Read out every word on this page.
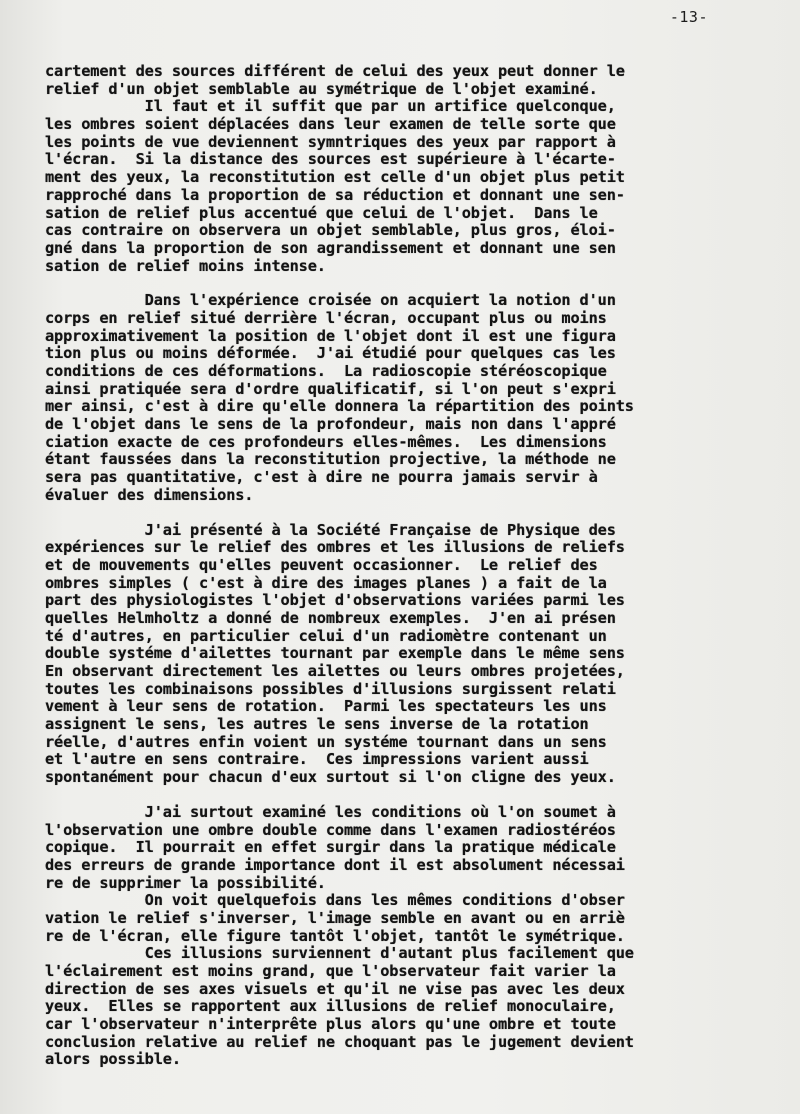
-13-
cartement des sources différent de celui des yeux peut donner le
relief d'un objet semblable au symétrique de l'objet examiné.
Il faut et il suffit que par un artifice quelconque,
les ombres soient déplacées dans leur examen de telle sorte que
les points de vue deviennent symntriques des yeux par rapport à
l'écran.  Si la distance des sources est supérieure à l'écarte-
ment des yeux, la reconstitution est celle d'un objet plus petit
rapproché dans la proportion de sa réduction et donnant une sen-
sation de relief plus accentué que celui de l'objet.  Dans le
cas contraire on observera un objet semblable, plus gros, éloi-
gné dans la proportion de son agrandissement et donnant une sen
sation de relief moins intense.
Dans l'expérience croisée on acquiert la notion d'un
corps en relief situé derrière l'écran, occupant plus ou moins
approximativement la position de l'objet dont il est une figura
tion plus ou moins déformée.  J'ai étudié pour quelques cas les
conditions de ces déformations.  La radioscopie stéréoscopique
ainsi pratiquée sera d'ordre qualificatif, si l'on peut s'expri
mer ainsi, c'est à dire qu'elle donnera la répartition des points
de l'objet dans le sens de la profondeur, mais non dans l'appré
ciation exacte de ces profondeurs elles-mêmes.  Les dimensions
étant faussées dans la reconstitution projective, la méthode ne
sera pas quantitative, c'est à dire ne pourra jamais servir à
évaluer des dimensions.
J'ai présenté à la Société Française de Physique des
expériences sur le relief des ombres et les illusions de reliefs
et de mouvements qu'elles peuvent occasionner.  Le relief des
ombres simples ( c'est à dire des images planes ) a fait de la
part des physiologistes l'objet d'observations variées parmi les
quelles Helmholtz a donné de nombreux exemples.  J'en ai présen
té d'autres, en particulier celui d'un radiomètre contenant un
double systéme d'ailettes tournant par exemple dans le même sens
En observant directement les ailettes ou leurs ombres projetées,
toutes les combinaisons possibles d'illusions surgissent relati
vement à leur sens de rotation.  Parmi les spectateurs les uns
assignent le sens, les autres le sens inverse de la rotation
réelle, d'autres enfin voient un systéme tournant dans un sens
et l'autre en sens contraire.  Ces impressions varient aussi
spontanément pour chacun d'eux surtout si l'on cligne des yeux.
J'ai surtout examiné les conditions où l'on soumet à
l'observation une ombre double comme dans l'examen radiostéréos
copique.  Il pourrait en effet surgir dans la pratique médicale
des erreurs de grande importance dont il est absolument nécessai
re de supprimer la possibilité.
On voit quelquefois dans les mêmes conditions d'obser
vation le relief s'inverser, l'image semble en avant ou en arriè
re de l'écran, elle figure tantôt l'objet, tantôt le symétrique.
Ces illusions surviennent d'autant plus facilement que
l'éclairement est moins grand, que l'observateur fait varier la
direction de ses axes visuels et qu'il ne vise pas avec les deux
yeux.  Elles se rapportent aux illusions de relief monoculaire,
car l'observateur n'interprête plus alors qu'une ombre et toute
conclusion relative au relief ne choquant pas le jugement devient
alors possible.
